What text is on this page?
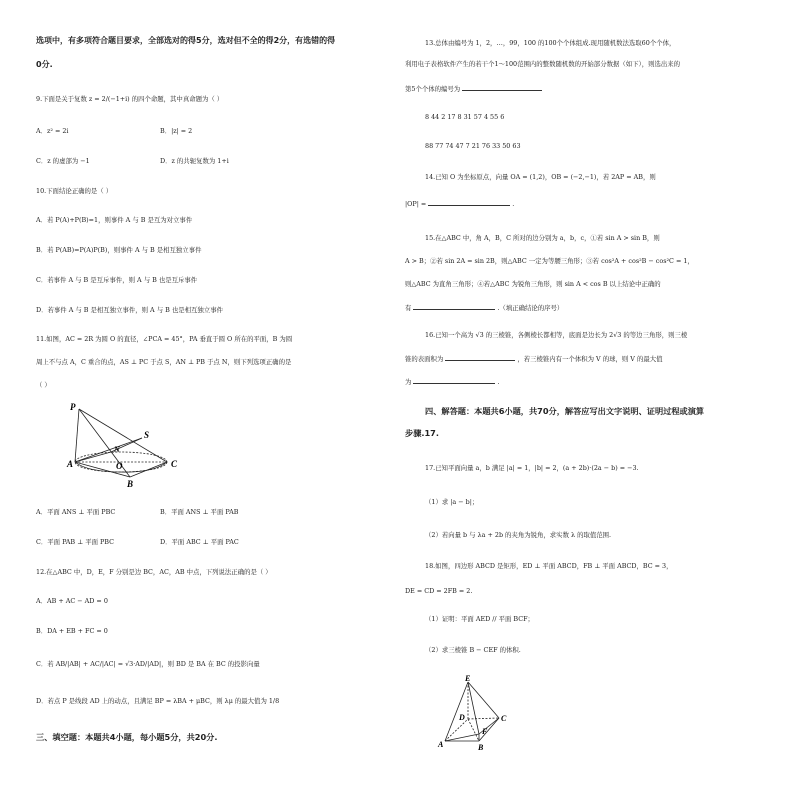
选项中，有多项符合题目要求，全部选对的得5分，选对但不全的得2分，有选错的得
0分.
9.下面是关于复数 z = 2/(−1+i) 的四个命题，其中真命题为（ ）
A．z² = 2i	B．|z| = 2
C．z 的虚部为 −1	D．z 的共轭复数为 1+i
10.下面结论正确的是（ ）
A．若 P(A)+P(B)=1，则事件 A 与 B 是互为对立事件
B．若 P(AB)=P(A)P(B)，则事件 A 与 B 是相互独立事件
C．若事件 A 与 B 是互斥事件，则 A 与 B 也是互斥事件
D．若事件 A 与 B 是相互独立事件，则 A 与 B 也是相互独立事件
11.如图，AC = 2R 为圆 O 的直径，∠PCA = 45°，PA 垂直于圆 O 所在的平面，B 为圆
周上不与点 A，C 重合的点，AS ⊥ PC 于点 S，AN ⊥ PB 于点 N，则下列选项正确的是
（ ）
P
S
N
A	O	C
B
A．平面 ANS ⊥ 平面 PBC	B．平面 ANS ⊥ 平面 PAB
C．平面 PAB ⊥ 平面 PBC	D．平面 ABC ⊥ 平面 PAC
12.在△ABC 中，D，E，F 分别是边 BC，AC，AB 中点，下列说法正确的是（ ）
A．AB + AC − AD = 0
B．DA + EB + FC = 0
C．若 AB/|AB| + AC/|AC| = √3·AD/|AD|，则 BD 是 BA 在 BC 的投影向量
D．若点 P 是线段 AD 上的动点，且满足 BP = λBA + μBC，则 λμ 的最大值为 1/8
三、填空题：本题共4小题，每小题5分，共20分.
13.总体由编号为 1，2，…，99，100 的100个个体组成.现用随机数法选取60个个体，
利用电子表格软件产生的若干个1～100范围内的整数随机数的开始部分数据（如下），则选出来的
第5个个体的编号为
8 44 2 17 8 31 57 4 55 6
88 77 74 47 7 21 76 33 50 63
14.已知 O 为坐标原点，向量 OA = (1,2)，OB = (−2,−1)，若 2AP = AB，则
|OP| =	.
15.在△ABC 中，角 A，B，C 所对的边分别为 a，b，c，①若 sin A > sin B，则
A > B；②若 sin 2A = sin 2B，则△ABC 一定为等腰三角形；③若 cos²A + cos²B − cos²C = 1，
则△ABC 为直角三角形；④若△ABC 为锐角三角形，则 sin A < cos B 以上结论中正确的
有	.（填正确结论的序号）
16.已知一个高为 √3 的三棱锥，各侧棱长都相等，底面是边长为 2√3 的等边三角形，则三棱
锥的表面积为	，若三棱锥内有一个体积为 V 的球，则 V 的最大值
为	.
四、解答题：本题共6小题，共70分，解答应写出文字说明、证明过程或演算
步骤.17.
17.已知平面向量 a，b 满足 |a| = 1，|b| = 2，(a + 2b)·(2a − b) = −3.
（1）求 |a − b|；
（2）若向量 b 与 λa + 2b 的夹角为锐角，求实数 λ 的取值范围.
18.如图，四边形 ABCD 是矩形，ED ⊥ 平面 ABCD，FB ⊥ 平面 ABCD，BC = 3，
DE = CD = 2FB = 2.
（1）证明：平面 AED // 平面 BCF；
（2）求三棱锥 B − CEF 的体积.
E
D
F
C
A	B
